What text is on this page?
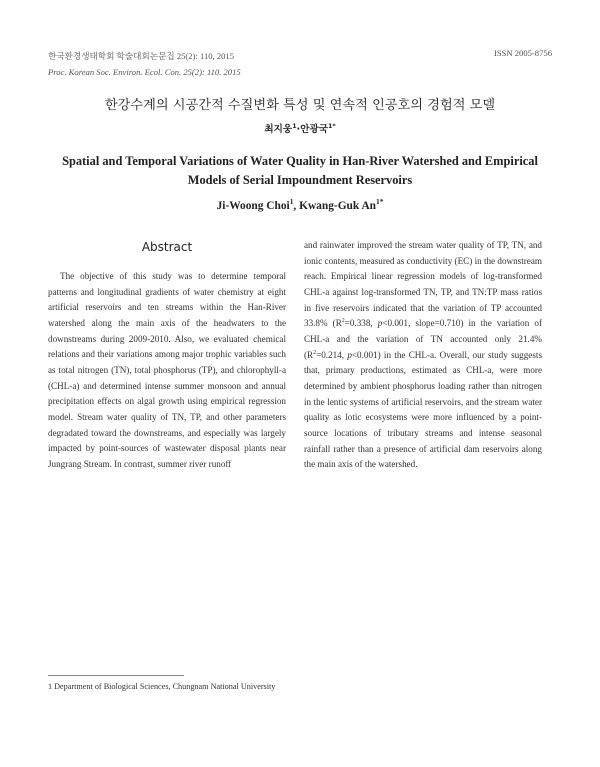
한국환경생태학회 학술대회논문집 25(2): 110, 2015
Proc. Korean Soc. Environ. Ecol. Con. 25(2): 110. 2015
ISSN 2005-8756
한강수계의 시공간적 수질변화 특성 및 연속적 인공호의 경험적 모델
최지웅$^1$·안광국$^{1*}$
Spatial and Temporal Variations of Water Quality in Han-River Watershed and Empirical
Models of Serial Impoundment Reservoirs
Ji-Woong Choi$^1$, Kwang-Guk $An^{1*}$
Abstract

The objective of this study was to determine temporal patterns and longitudinal gradients of water chemistry at eight artificial reservoirs and ten streams within the Han-River watershed along the main axis of the headwaters to the downstreams during 2009-2010. Also, we evaluated chemical relations and their variations among major trophic variables such as total nitrogen (TN), total phosphorus (TP), and chlorophyll-a (CHL-a) and determined intense summer monsoon and annual precipitation effects on algal growth using empirical regression model. Stream water quality of TN, TP, and other parameters degradated toward the downstreams, and especially was largely impacted by point-sources of wastewater disposal plants near Jungrang Stream. In contrast, summer river runoff

and rainwater improved the stream water quality of TP, TN, and ionic contents, measured as conductivity (EC) in the downstream reach. Empirical linear regression models of log-transformed CHL-a against log-transformed TN, TP, and TN:TP mass ratios in five reservoirs indicated that the variation of TP accounted 33.8% ($R^2=0.338$, p<0.001, slope=0.710) in the variation of CHL-a and the variation of TN accounted only 21.4% ($R^2=0.214$, p<0.001) in the CHL-a. Overall, our study suggests that, primary productions, estimated as CHL-a, were more determined by ambient phosphorus loading rather than nitrogen in the lentic systems of artificial reservoirs, and the stream water quality as lotic ecosystems were more influenced by a point-source locations of tributary streams and intense seasonal rainfall rather than a presence of artificial dam reservoirs along the main axis of the watershed.

1 Department of Biological Sciences, Chungnam National University
